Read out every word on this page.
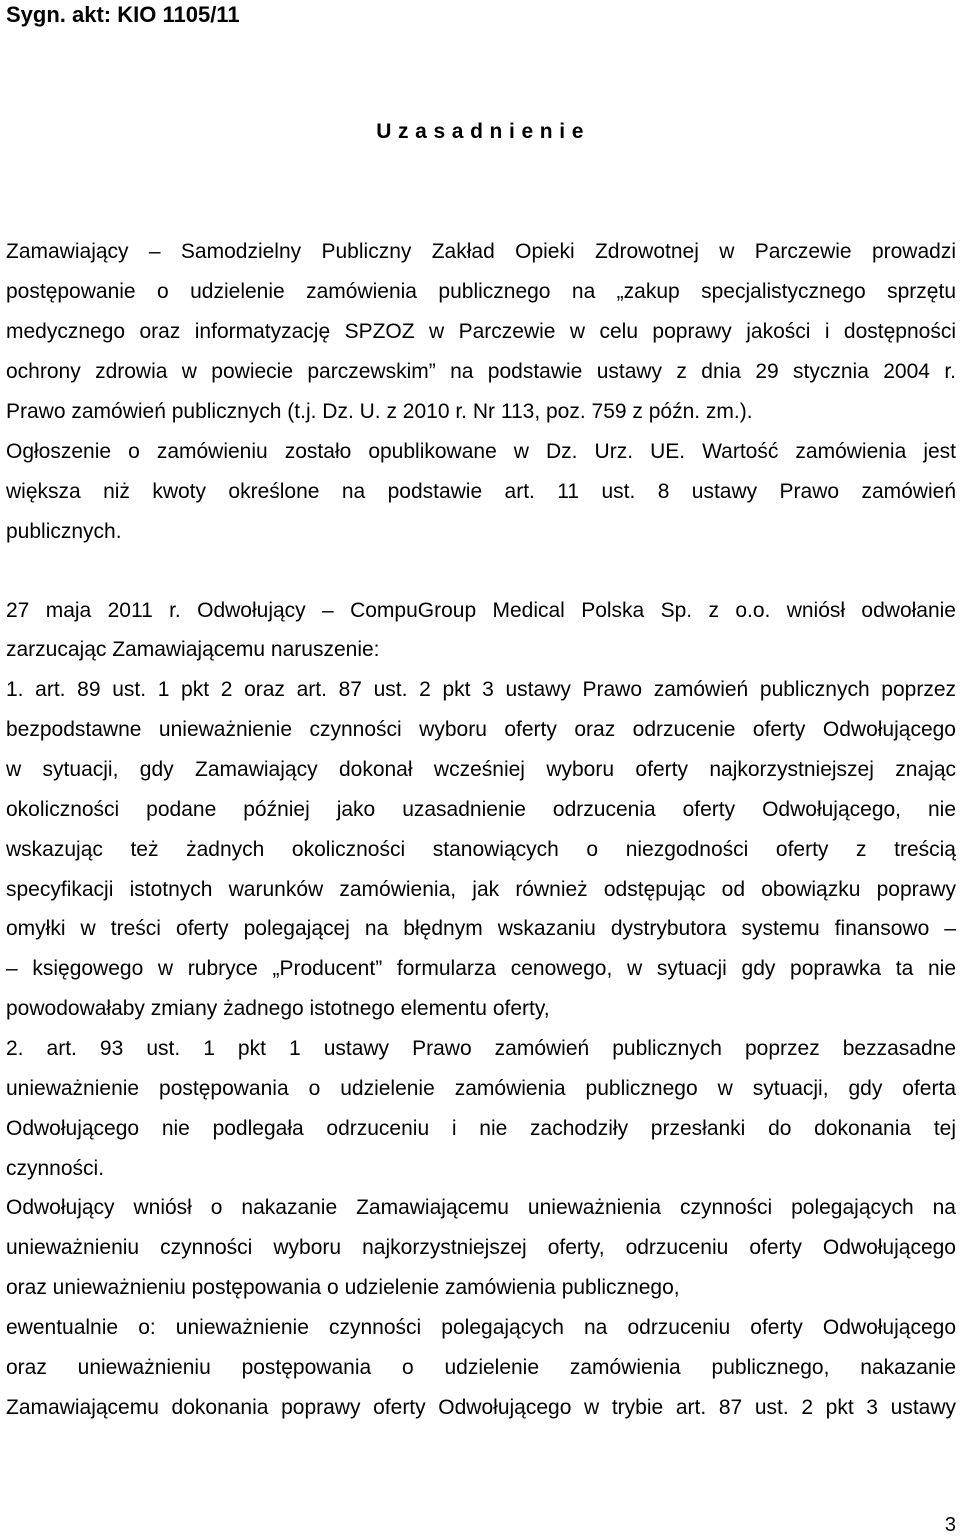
Sygn. akt: KIO 1105/11
U z a s a d n i e n i e
Zamawiający – Samodzielny Publiczny Zakład Opieki Zdrowotnej w Parczewie prowadzi
postępowanie o udzielenie zamówienia publicznego na „zakup specjalistycznego sprzętu
medycznego oraz informatyzację SPZOZ w Parczewie w celu poprawy jakości i dostępności
ochrony zdrowia w powiecie parczewskim” na podstawie ustawy z dnia 29 stycznia 2004 r.
Prawo zamówień publicznych (t.j. Dz. U. z 2010 r. Nr 113, poz. 759 z późn. zm.).
Ogłoszenie o zamówieniu zostało opublikowane w Dz. Urz. UE. Wartość zamówienia jest
większa niż kwoty określone na podstawie art. 11 ust. 8 ustawy Prawo zamówień
publicznych.
27 maja 2011 r. Odwołujący – CompuGroup Medical Polska Sp. z o.o. wniósł odwołanie
zarzucając Zamawiającemu naruszenie:
1. art. 89 ust. 1 pkt 2 oraz art. 87 ust. 2 pkt 3 ustawy Prawo zamówień publicznych poprzez
bezpodstawne unieważnienie czynności wyboru oferty oraz odrzucenie oferty Odwołującego
w sytuacji, gdy Zamawiający dokonał wcześniej wyboru oferty najkorzystniejszej znając
okoliczności podane później jako uzasadnienie odrzucenia oferty Odwołującego, nie
wskazując też żadnych okoliczności stanowiących o niezgodności oferty z treścią
specyfikacji istotnych warunków zamówienia, jak również odstępując od obowiązku poprawy
omyłki w treści oferty polegającej na błędnym wskazaniu dystrybutora systemu finansowo –
– księgowego w rubryce „Producent” formularza cenowego, w sytuacji gdy poprawka ta nie
powodowałaby zmiany żadnego istotnego elementu oferty,
2. art. 93 ust. 1 pkt 1 ustawy Prawo zamówień publicznych poprzez bezzasadne
unieważnienie postępowania o udzielenie zamówienia publicznego w sytuacji, gdy oferta
Odwołującego nie podlegała odrzuceniu i nie zachodziły przesłanki do dokonania tej
czynności.
Odwołujący wniósł o nakazanie Zamawiającemu unieważnienia czynności polegających na
unieważnieniu czynności wyboru najkorzystniejszej oferty, odrzuceniu oferty Odwołującego
oraz unieważnieniu postępowania o udzielenie zamówienia publicznego,
ewentualnie o: unieważnienie czynności polegających na odrzuceniu oferty Odwołującego
oraz unieważnieniu postępowania o udzielenie zamówienia publicznego, nakazanie
Zamawiającemu dokonania poprawy oferty Odwołującego w trybie art. 87 ust. 2 pkt 3 ustawy
3
